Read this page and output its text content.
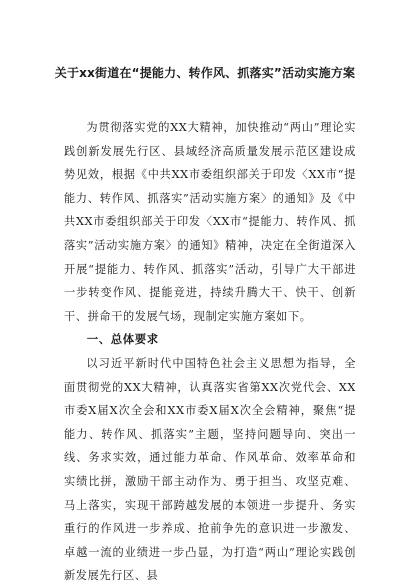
关于xx街道在“提能力、转作风、抓落实”活动实施方案

为贯彻落实党的XX大精神，加快推动“两山”理论实践创新发展先行区、县域经济高质量发展示范区建设成势见效，根据《中共XX市委组织部关于印发〈XX市“提能力、转作风、抓落实”活动实施方案〉的通知》及《中共XX市委组织部关于印发〈XX市“提能力、转作风、抓落实”活动实施方案〉的通知》精神，决定在全街道深入开展“提能力、转作风、抓落实”活动，引导广大干部进一步转变作风、提能竞进，持续升腾大干、快干、创新干、拼命干的发展气场，现制定实施方案如下。

一、总体要求

以习近平新时代中国特色社会主义思想为指导，全面贯彻党的XX大精神，认真落实省第XX次党代会、XX市委X届X次全会和XX市委X届X次全会精神，聚焦“提能力、转作风、抓落实”主题，坚持问题导向、突出一线、务求实效，通过能力革命、作风革命、效率革命和实绩比拼，激励干部主动作为、勇于担当、攻坚克难、马上落实，实现干部跨越发展的本领进一步提升、务实重行的作风进一步养成、抢前争先的意识进一步激发、卓越一流的业绩进一步凸显，为打造“两山”理论实践创新发展先行区、县
